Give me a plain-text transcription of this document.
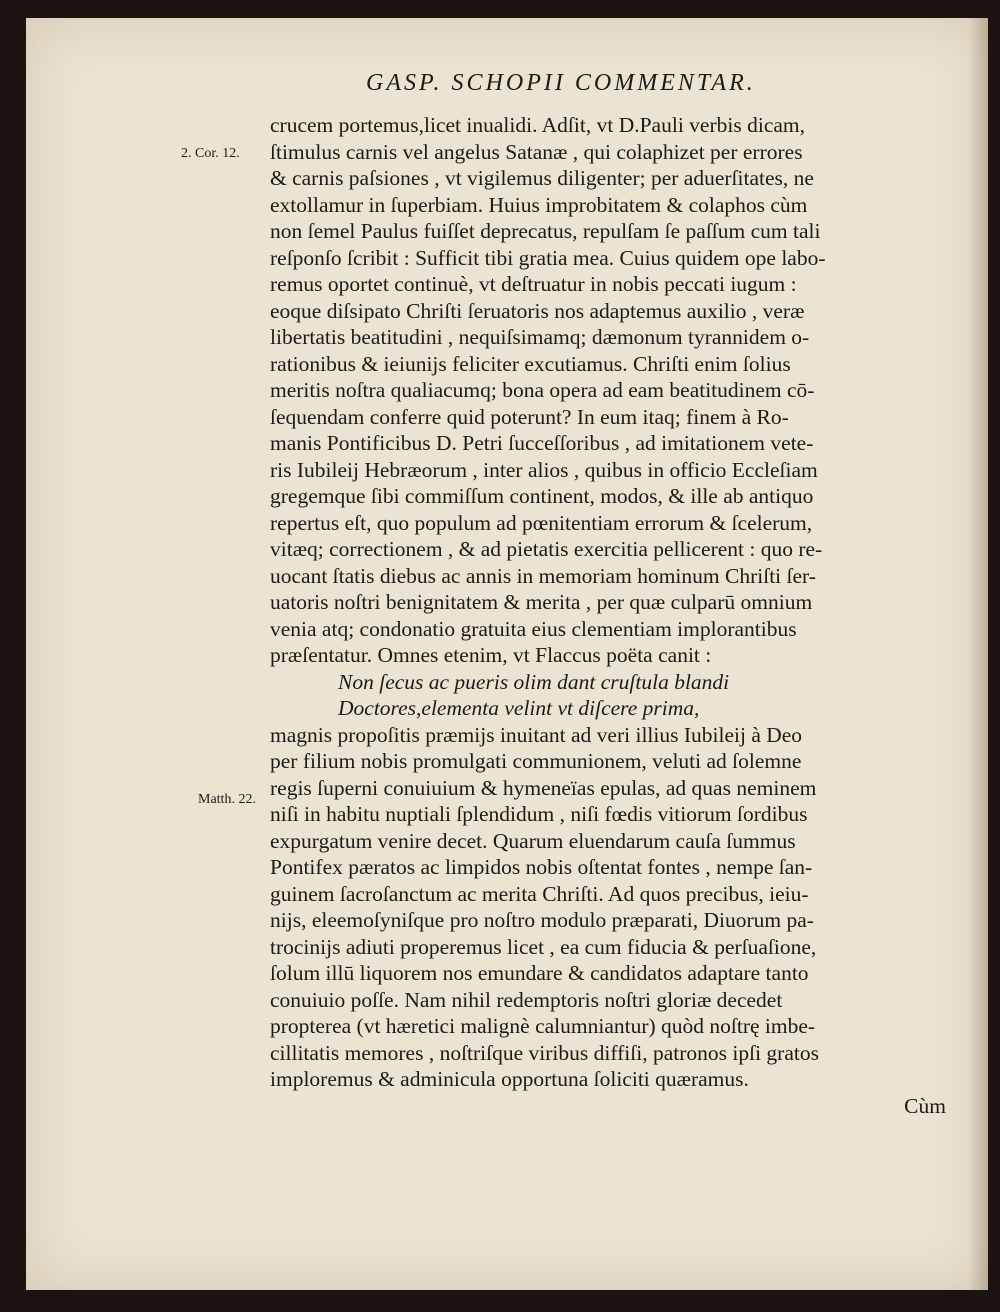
GASP. SCHOPII COMMENTAR.
2. Cor. 12.
Matth. 22.
crucem portemus,licet inualidi. Adſit, vt D.Pauli verbis dicam,
ſtimulus carnis vel angelus Satanæ , qui colaphizet per errores
& carnis paſsiones , vt vigilemus diligenter; per aduerſitates, ne
extollamur in ſuperbiam. Huius improbitatem & colaphos cùm
non ſemel Paulus fuiſſet deprecatus, repulſam ſe paſſum cum tali
reſponſo ſcribit : Sufficit tibi gratia mea. Cuius quidem ope labo-
remus oportet continuè, vt deſtruatur in nobis peccati iugum :
eoque diſsipato Chriſti ſeruatoris nos adaptemus auxilio , veræ
libertatis beatitudini , nequiſsimamq; dæmonum tyrannidem o-
rationibus & ieiunijs feliciter excutiamus. Chriſti enim ſolius
meritis noſtra qualiacumq; bona opera ad eam beatitudinem cō-
ſequendam conferre quid poterunt? In eum itaq; finem à Ro-
manis Pontificibus D. Petri ſucceſſoribus , ad imitationem vete-
ris Iubileij Hebræorum , inter alios , quibus in officio Eccleſiam
gregemque ſibi commiſſum continent, modos, & ille ab antiquo
repertus eſt, quo populum ad pœnitentiam errorum & ſcelerum,
vitæq; correctionem , & ad pietatis exercitia pellicerent : quo re-
uocant ſtatis diebus ac annis in memoriam hominum Chriſti ſer-
uatoris noſtri benignitatem & merita , per quæ culparū omnium
venia atq; condonatio gratuita eius clementiam implorantibus
præſentatur. Omnes etenim, vt Flaccus poëta canit :
Non ſecus ac pueris olim dant cruſtula blandi
Doctores,elementa velint vt diſcere prima,
magnis propoſitis præmijs inuitant ad veri illius Iubileij à Deo
per filium nobis promulgati communionem, veluti ad ſolemne
regis ſuperni conuiuium & hymeneïas epulas, ad quas neminem
niſi in habitu nuptiali ſplendidum , niſi fœdis vitiorum ſordibus
expurgatum venire decet. Quarum eluendarum cauſa ſummus
Pontifex pæratos ac limpidos nobis oſtentat fontes , nempe ſan-
guinem ſacroſanctum ac merita Chriſti. Ad quos precibus, ieiu-
nijs, eleemoſyniſque pro noſtro modulo præparati, Diuorum pa-
trocinijs adiuti properemus licet , ea cum fiducia & perſuaſione,
ſolum illū liquorem nos emundare & candidatos adaptare tanto
conuiuio poſſe. Nam nihil redemptoris noſtri gloriæ decedet
propterea (vt hæretici malignè calumniantur) quòd noſtrę imbe-
cillitatis memores , noſtriſque viribus diffiſi, patronos ipſi gratos
imploremus & adminicula opportuna ſoliciti quæramus.
Cùm
